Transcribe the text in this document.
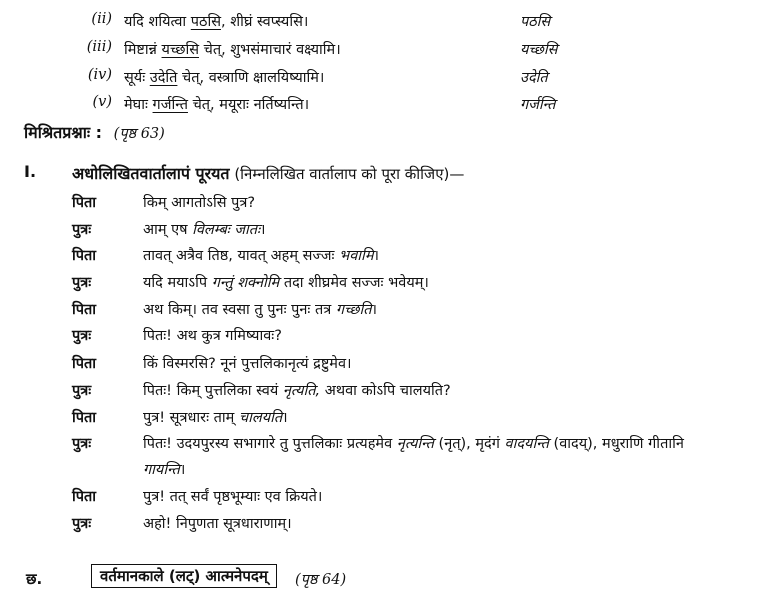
(ii) यदि शयित्वा पठसि, शीघ्रं स्वप्स्यसि।	पठसि
(iii) मिष्टान्नं यच्छसि चेत्, शुभसंमाचारं वक्ष्यामि।	यच्छसि
(iv) सूर्यः उदेति चेत्, वस्त्राणि क्षालयिष्यामि।	उदेति
(v) मेघाः गर्जन्ति चेत्, मयूराः नर्तिष्यन्ति।	गर्जन्ति
मिश्रितप्रश्नाः : (पृष्ठ 63)
I. अधोलिखितवार्तालापं पूरयत (निम्नलिखित वार्तालाप को पूरा कीजिए)—
पिता	किम् आगतोऽसि पुत्र?
पुत्रः	आम् एष विलम्बः जातः।
पिता	तावत् अत्रैव तिष्ठ, यावत् अहम् सज्जः भवामि।
पुत्रः	यदि मयाऽपि गन्तुं शक्नोमि तदा शीघ्रमेव सज्जः भवेयम्।
पिता	अथ किम्। तव स्वसा तु पुनः पुनः तत्र गच्छति।
पुत्रः	पितः! अथ कुत्र गमिष्यावः?
पिता	किं विस्मरसि? नूनं पुत्तलिकानृत्यं द्रष्टुमेव।
पुत्रः	पितः! किम् पुत्तलिका स्वयं नृत्यति, अथवा कोऽपि चालयति?
पिता	पुत्र! सूत्रधारः ताम् चालयति।
पुत्रः	पितः! उदयपुरस्य सभागारे तु पुत्तलिकाः प्रत्यहमेव नृत्यन्ति (नृत्), मृदंगं वादयन्ति (वादय्), मधुराणि गीतानि
गायन्ति।
पिता	पुत्र! तत् सर्वं पृष्ठभूम्याः एव क्रियते।
पुत्रः	अहो! निपुणता सूत्रधाराणाम्।
छ.	वर्तमानकाले (लट्) आत्मनेपदम्	(पृष्ठ 64)
